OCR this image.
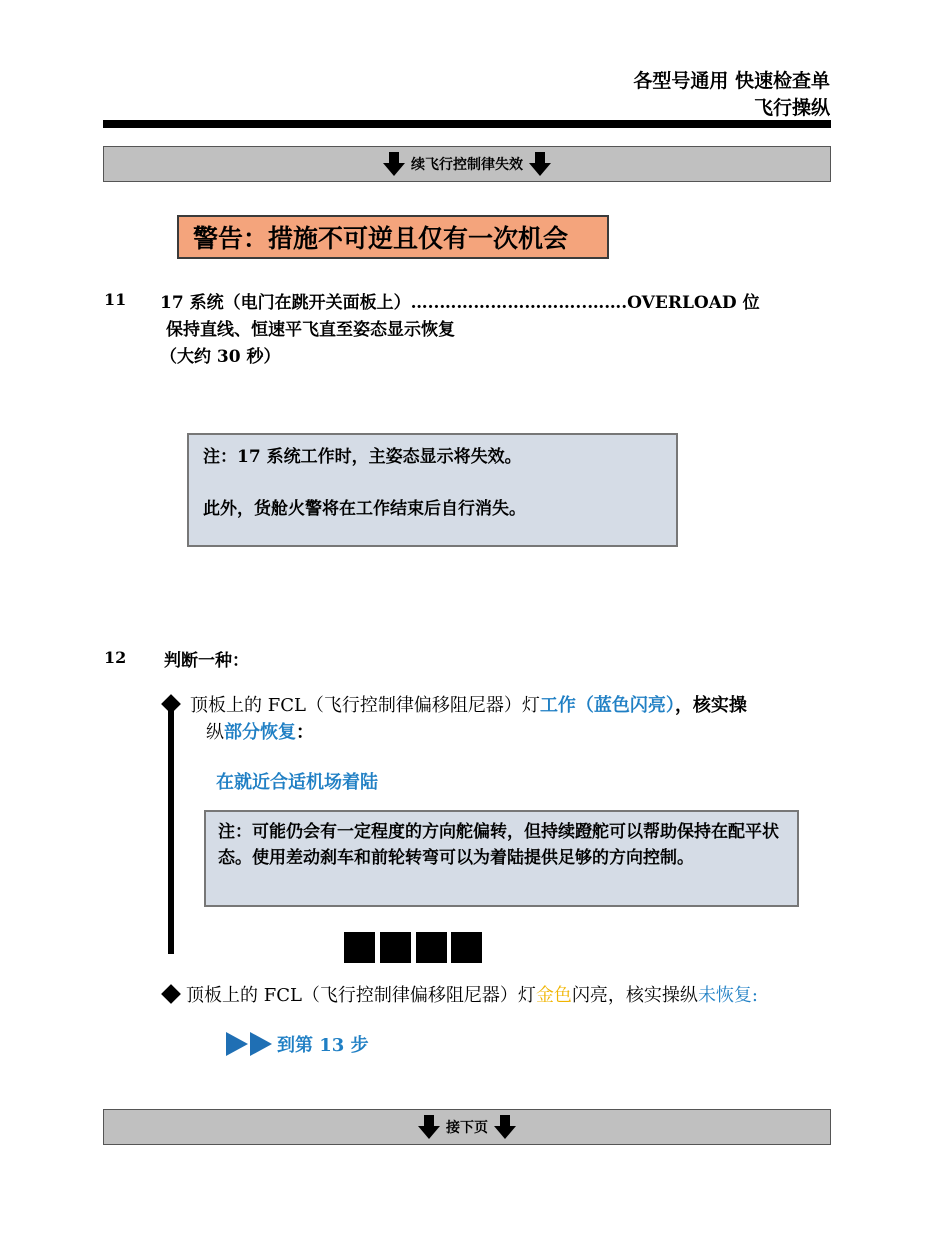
各型号通用 快速检查单
飞行操纵
续飞行控制律失效
警告：措施不可逆且仅有一次机会
11 17 系统（电门在跳开关面板上）…..……………………..…….OVERLOAD 位
保持直线、恒速平飞直至姿态显示恢复
（大约 30 秒）

注：17 系统工作时，主姿态显示将失效。

此外，货舱火警将在工作结束后自行消失。

12 判断一种：
顶板上的 FCL（飞行控制律偏移阻尼器）灯工作（蓝色闪亮），核实操
纵部分恢复：
在就近合适机场着陆
注：可能仍会有一定程度的方向舵偏转，但持续蹬舵可以帮助保持在配平状态。使用差动刹车和前轮转弯可以为着陆提供足够的方向控制。
顶板上的 FCL（飞行控制律偏移阻尼器）灯金色闪亮，核实操纵未恢复:
到第 13 步
接下页
